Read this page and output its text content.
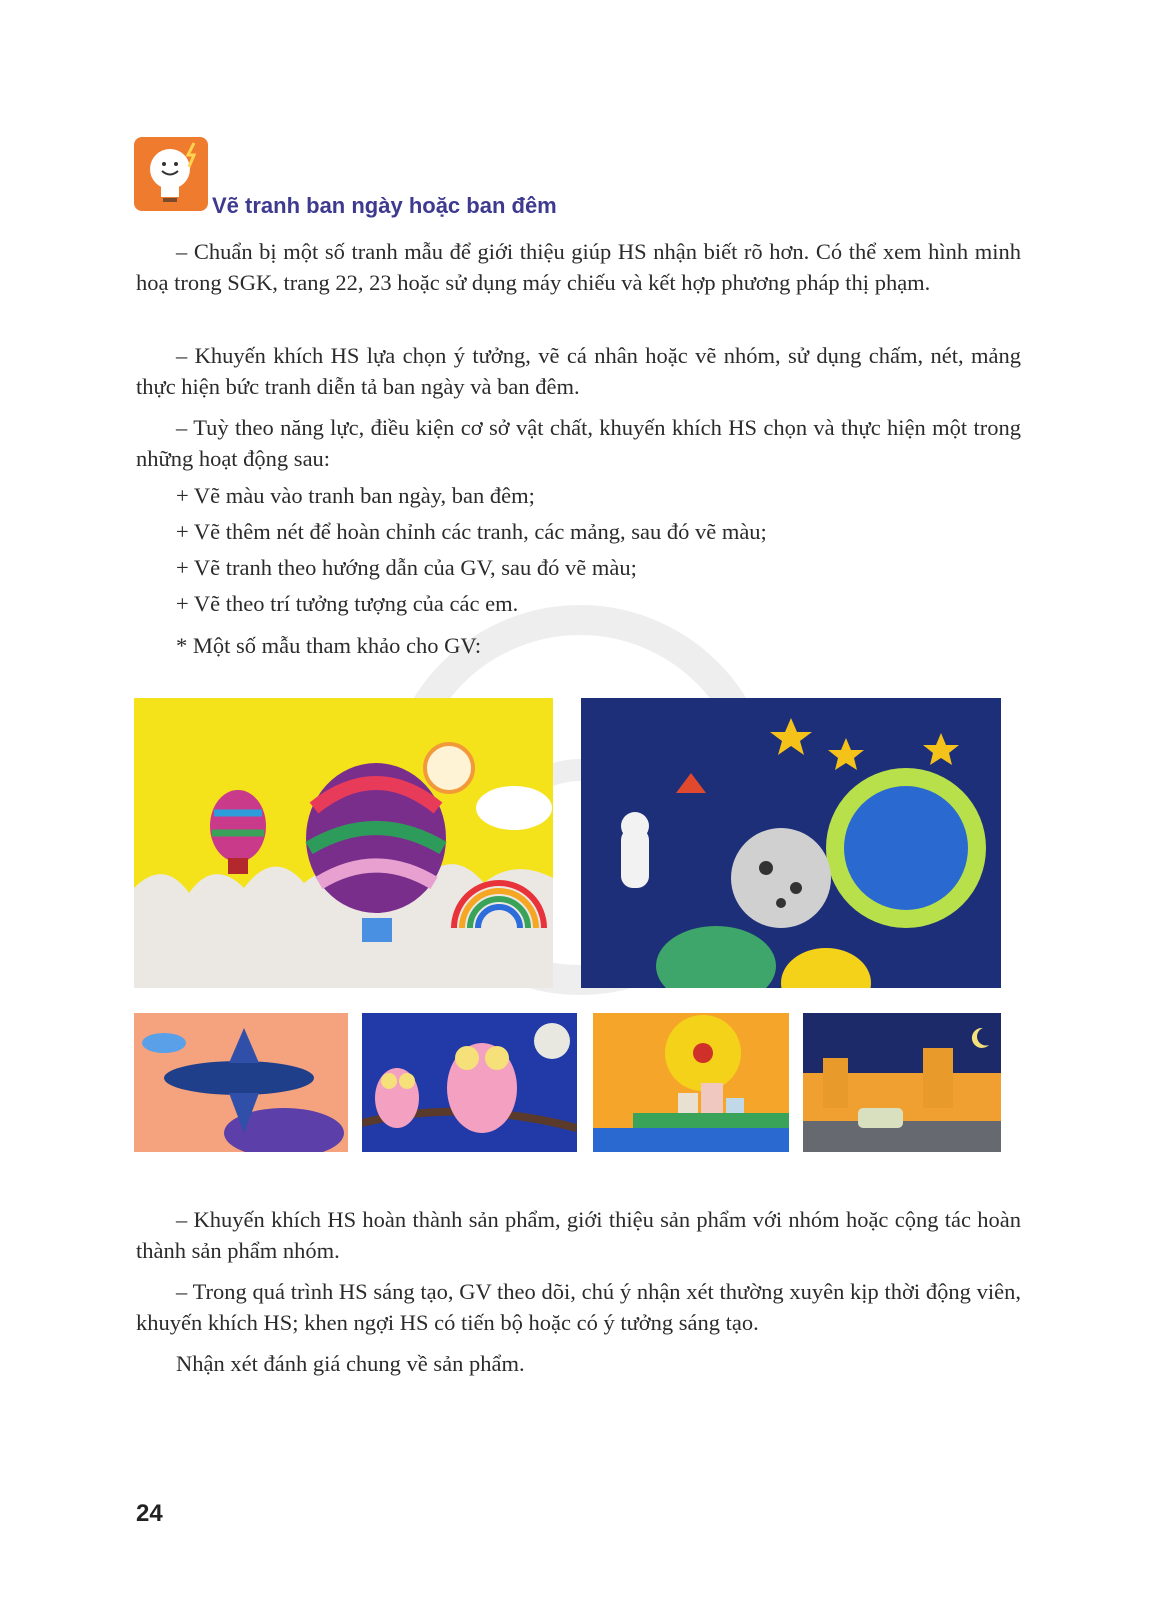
Vẽ tranh ban ngày hoặc ban đêm

– Chuẩn bị một số tranh mẫu để giới thiệu giúp HS nhận biết rõ hơn. Có thể xem hình minh hoạ trong SGK, trang 22, 23 hoặc sử dụng máy chiếu và kết hợp phương pháp thị phạm.

– Khuyến khích HS lựa chọn ý tưởng, vẽ cá nhân hoặc vẽ nhóm, sử dụng chấm, nét, mảng thực hiện bức tranh diễn tả ban ngày và ban đêm.

– Tuỳ theo năng lực, điều kiện cơ sở vật chất, khuyến khích HS chọn và thực hiện một trong những hoạt động sau:

+ Vẽ màu vào tranh ban ngày, ban đêm;

+ Vẽ thêm nét để hoàn chỉnh các tranh, các mảng, sau đó vẽ màu;

+ Vẽ tranh theo hướng dẫn của GV, sau đó vẽ màu;

+ Vẽ theo trí tưởng tượng của các em.

* Một số mẫu tham khảo cho GV:

– Khuyến khích HS hoàn thành sản phẩm, giới thiệu sản phẩm với nhóm hoặc cộng tác hoàn thành sản phẩm nhóm.

– Trong quá trình HS sáng tạo, GV theo dõi, chú ý nhận xét thường xuyên kịp thời động viên, khuyến khích HS; khen ngợi HS có tiến bộ hoặc có ý tưởng sáng tạo.

Nhận xét đánh giá chung về sản phẩm.

24
